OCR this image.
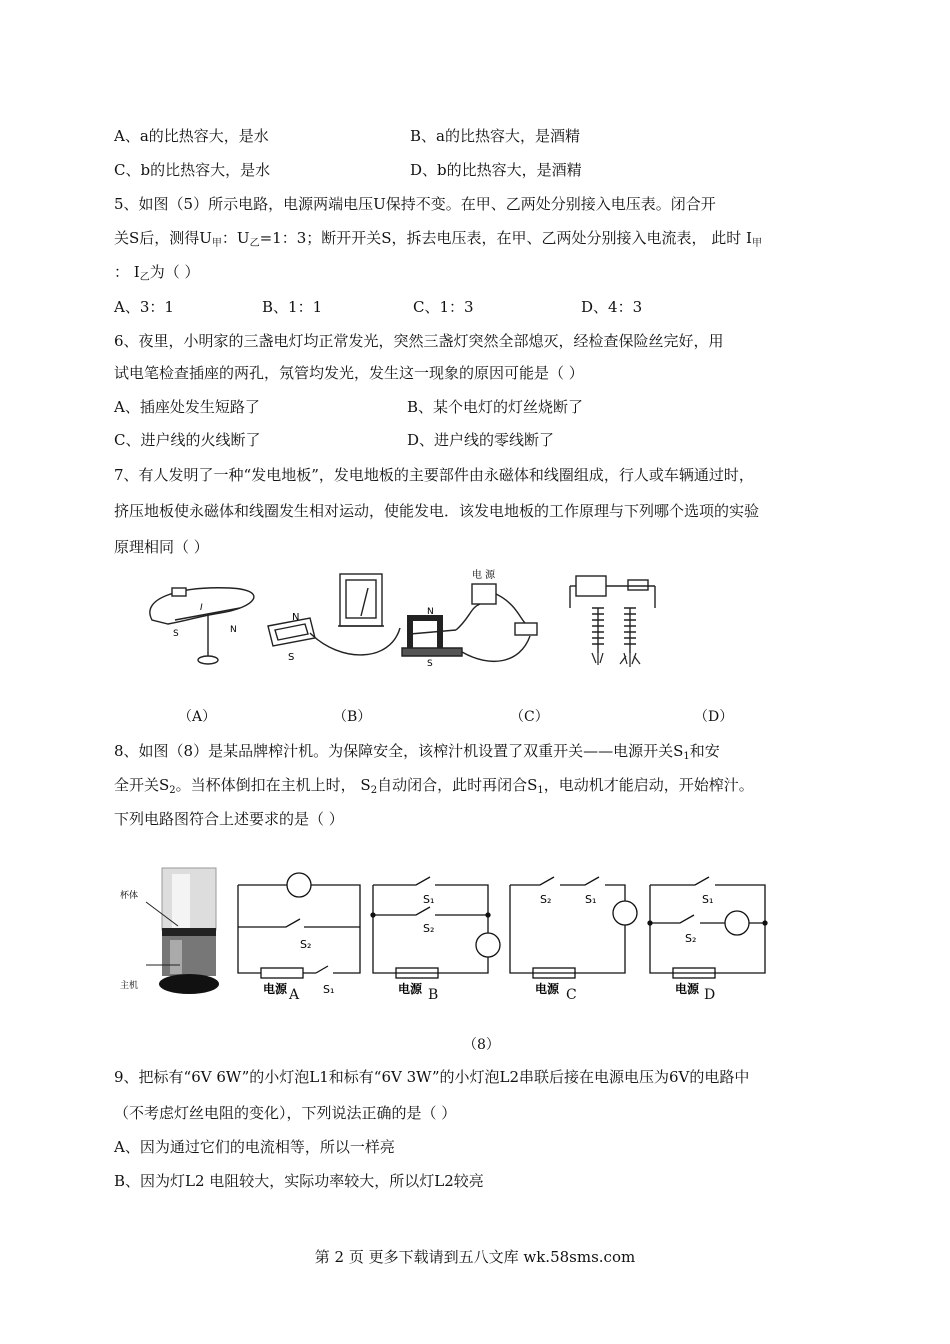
A、a的比热容大，是水	B、a的比热容大，是酒精
C、b的比热容大，是水	D、b的比热容大，是酒精
5、如图（5）所示电路，电源两端电压U保持不变。在甲、乙两处分别接入电压表。闭合开
关S后，测得$U_甲$：$U_乙=1$：3；断开开关S，拆去电压表，在甲、乙两处分别接入电流表， 此时 $I_甲$
： $I_乙$为（ ）
A、3：1	B、1：1	C、1：3	D、4：3
6、夜里，小明家的三盏电灯均正常发光，突然三盏灯突然全部熄灭，经检查保险丝完好，用
试电笔检查插座的两孔，氖管均发光，发生这一现象的原因可能是（ ）
A、插座处发生短路了	B、某个电灯的灯丝烧断了
C、进户线的火线断了	D、进户线的零线断了
7、有人发明了一种“发电地板”，发电地板的主要部件由永磁体和线圈组成，行人或车辆通过时，
挤压地板使永磁体和线圈发生相对运动，使能发电．该发电地板的工作原理与下列哪个选项的实验
原理相同（ ）
I
S	N
N
S
电 源
N
S
（A）	（B）	（C）	（D）
8、如图（8）是某品牌榨汁机。为保障安全，该榨汁机设置了双重开关——电源开关$S_1$和安
全开关$S_2$。当杯体倒扣在主机上时， $S_2$自动闭合，此时再闭合$S_1$，电动机才能启动，开始榨汁。
下列电路图符合上述要求的是（ ）
杯体
主机
S₂
S₁
电源
S₁
S₂
电源
S₂	S₁
电源
S₁
S₂
电源
A	B	C	D
（8）
9、把标有“6V 6W”的小灯泡L1和标有“6V 3W”的小灯泡L2串联后接在电源电压为6V的电路中
（不考虑灯丝电阻的变化），下列说法正确的是（ ）
A、因为通过它们的电流相等，所以一样亮
B、因为灯L2 电阻较大，实际功率较大，所以灯L2较亮
第 2 页 更多下载请到五八文库 wk.58sms.com
